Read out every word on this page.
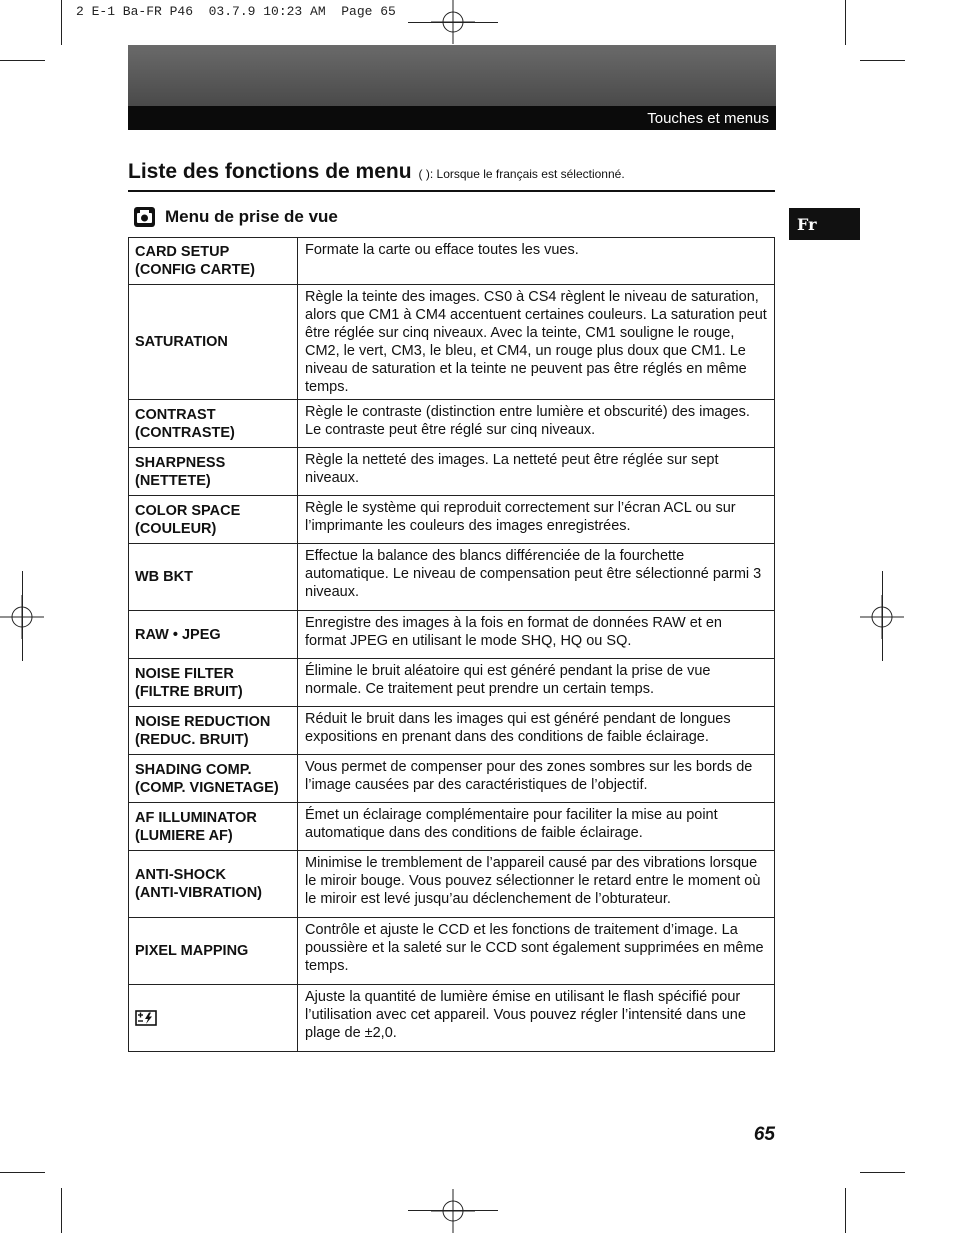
2 E-1 Ba-FR P46  03.7.9 10:23 AM  Page 65
Touches et menus
Liste des fonctions de menu ( ): Lorsque le français est sélectionné.
Menu de prise de vue	Fr
CARD SETUP
(CONFIG CARTE)	Formate la carte ou efface toutes les vues.

SATURATION	Règle la teinte des images. CS0 à CS4 règlent le niveau de saturation, alors que CM1 à CM4 accentuent certaines couleurs. La saturation peut être réglée sur cinq niveaux. Avec la teinte, CM1 souligne le rouge, CM2, le vert, CM3, le bleu, et CM4, un rouge plus doux que CM1. Le niveau de saturation et la teinte ne peuvent pas être réglés en même temps.

CONTRAST
(CONTRASTE)	Règle le contraste (distinction entre lumière et obscurité) des images. Le contraste peut être réglé sur cinq niveaux.

SHARPNESS
(NETTETE)	Règle la netteté des images. La netteté peut être réglée sur sept niveaux.

COLOR SPACE
(COULEUR)	Règle le système qui reproduit correctement sur l’écran ACL ou sur l’imprimante les couleurs des images enregistrées.

WB BKT	Effectue la balance des blancs différenciée de la fourchette automatique. Le niveau de compensation peut être sélectionné parmi 3 niveaux.

RAW • JPEG	Enregistre des images à la fois en format de données RAW et en format JPEG en utilisant le mode SHQ, HQ ou SQ.

NOISE FILTER
(FILTRE BRUIT)	Élimine le bruit aléatoire qui est généré pendant la prise de vue normale. Ce traitement peut prendre un certain temps.

NOISE REDUCTION
(REDUC. BRUIT)	Réduit le bruit dans les images qui est généré pendant de longues expositions en prenant dans des conditions de faible éclairage.

SHADING COMP.
(COMP. VIGNETAGE)	Vous permet de compenser pour des zones sombres sur les bords de l’image causées par des caractéristiques de l’objectif.

AF ILLUMINATOR
(LUMIERE AF)	Émet un éclairage complémentaire pour faciliter la mise au point automatique dans des conditions de faible éclairage.

ANTI-SHOCK
(ANTI-VIBRATION)	Minimise le tremblement de l’appareil causé par des vibrations lorsque le miroir bouge. Vous pouvez sélectionner le retard entre le moment où le miroir est levé jusqu’au déclenchement de l’obturateur.

PIXEL MAPPING	Contrôle et ajuste le CCD et les fonctions de traitement d’image. La poussière et la saleté sur le CCD sont également supprimées en même temps.

	Ajuste la quantité de lumière émise en utilisant le flash spécifié pour l’utilisation avec cet appareil. Vous pouvez régler l’intensité dans une plage de ±2,0.
65
